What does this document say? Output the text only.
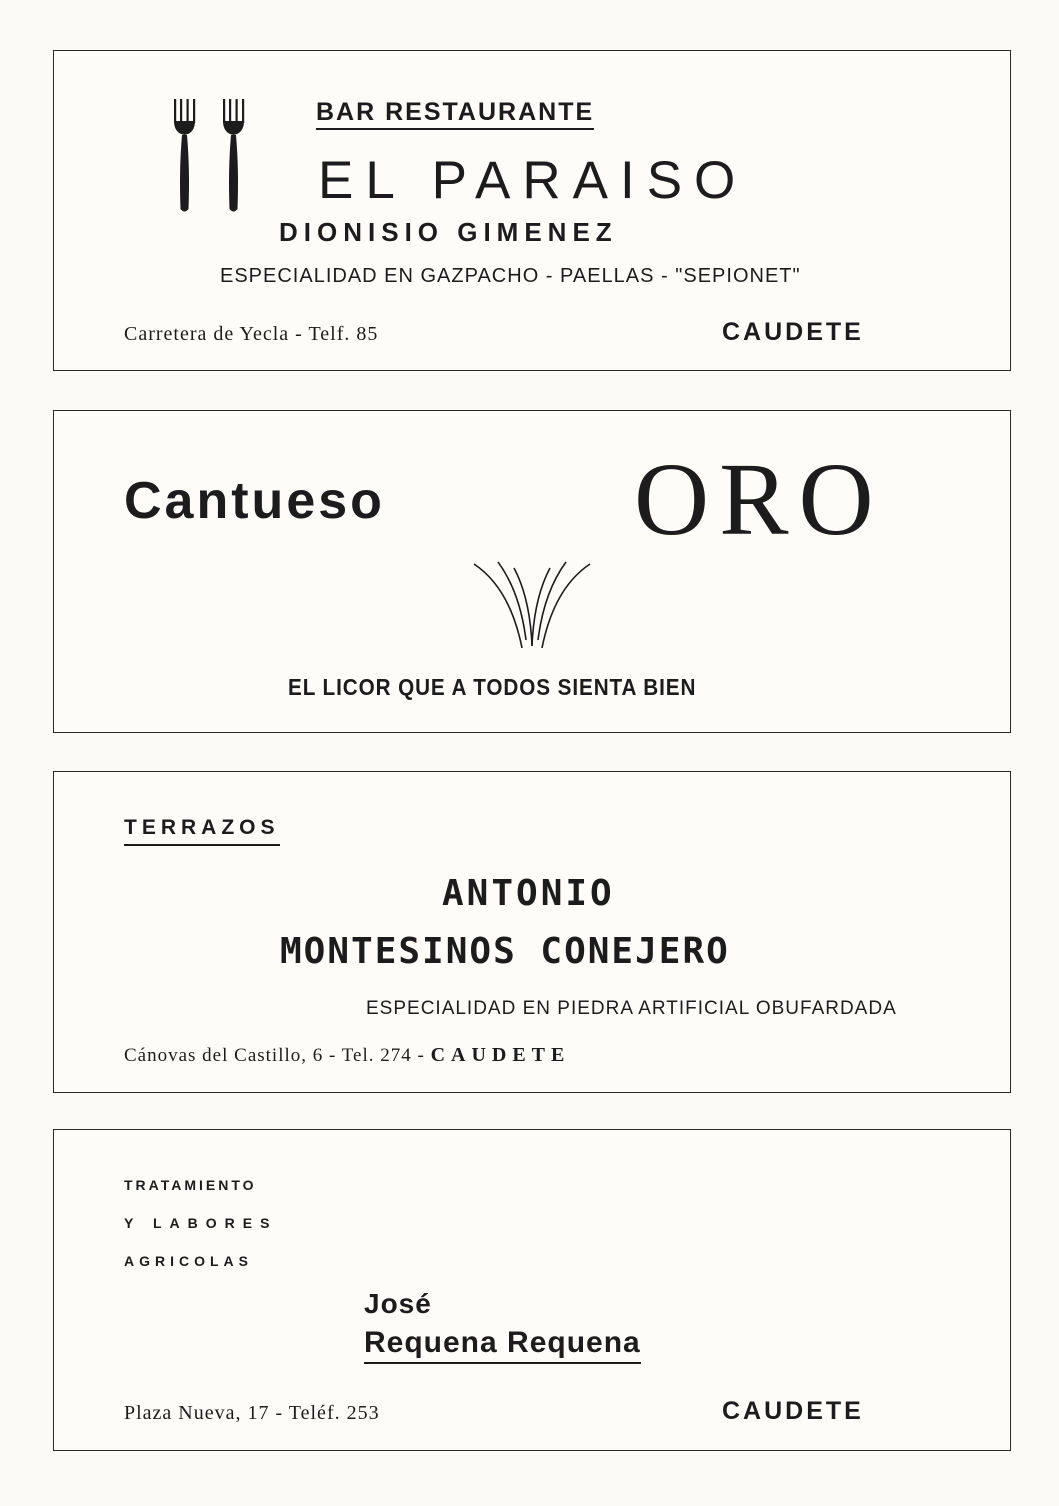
BAR RESTAURANTE
EL PARAISO
DIONISIO GIMENEZ
ESPECIALIDAD EN GAZPACHO - PAELLAS - "SEPIONET"
Carretera de Yecla - Telf. 85	CAUDETE
Cantueso ORO
EL LICOR QUE A TODOS SIENTA BIEN
TERRAZOS
ANTONIO
MONTESINOS CONEJERO
ESPECIALIDAD EN PIEDRA ARTIFICIAL OBUFARDADA
Cánovas del Castillo, 6 - Tel. 274 - CAUDETE
TRATAMIENTO
Y LABORES
AGRICOLAS
José
Requena Requena
Plaza Nueva, 17 - Teléf. 253	CAUDETE
